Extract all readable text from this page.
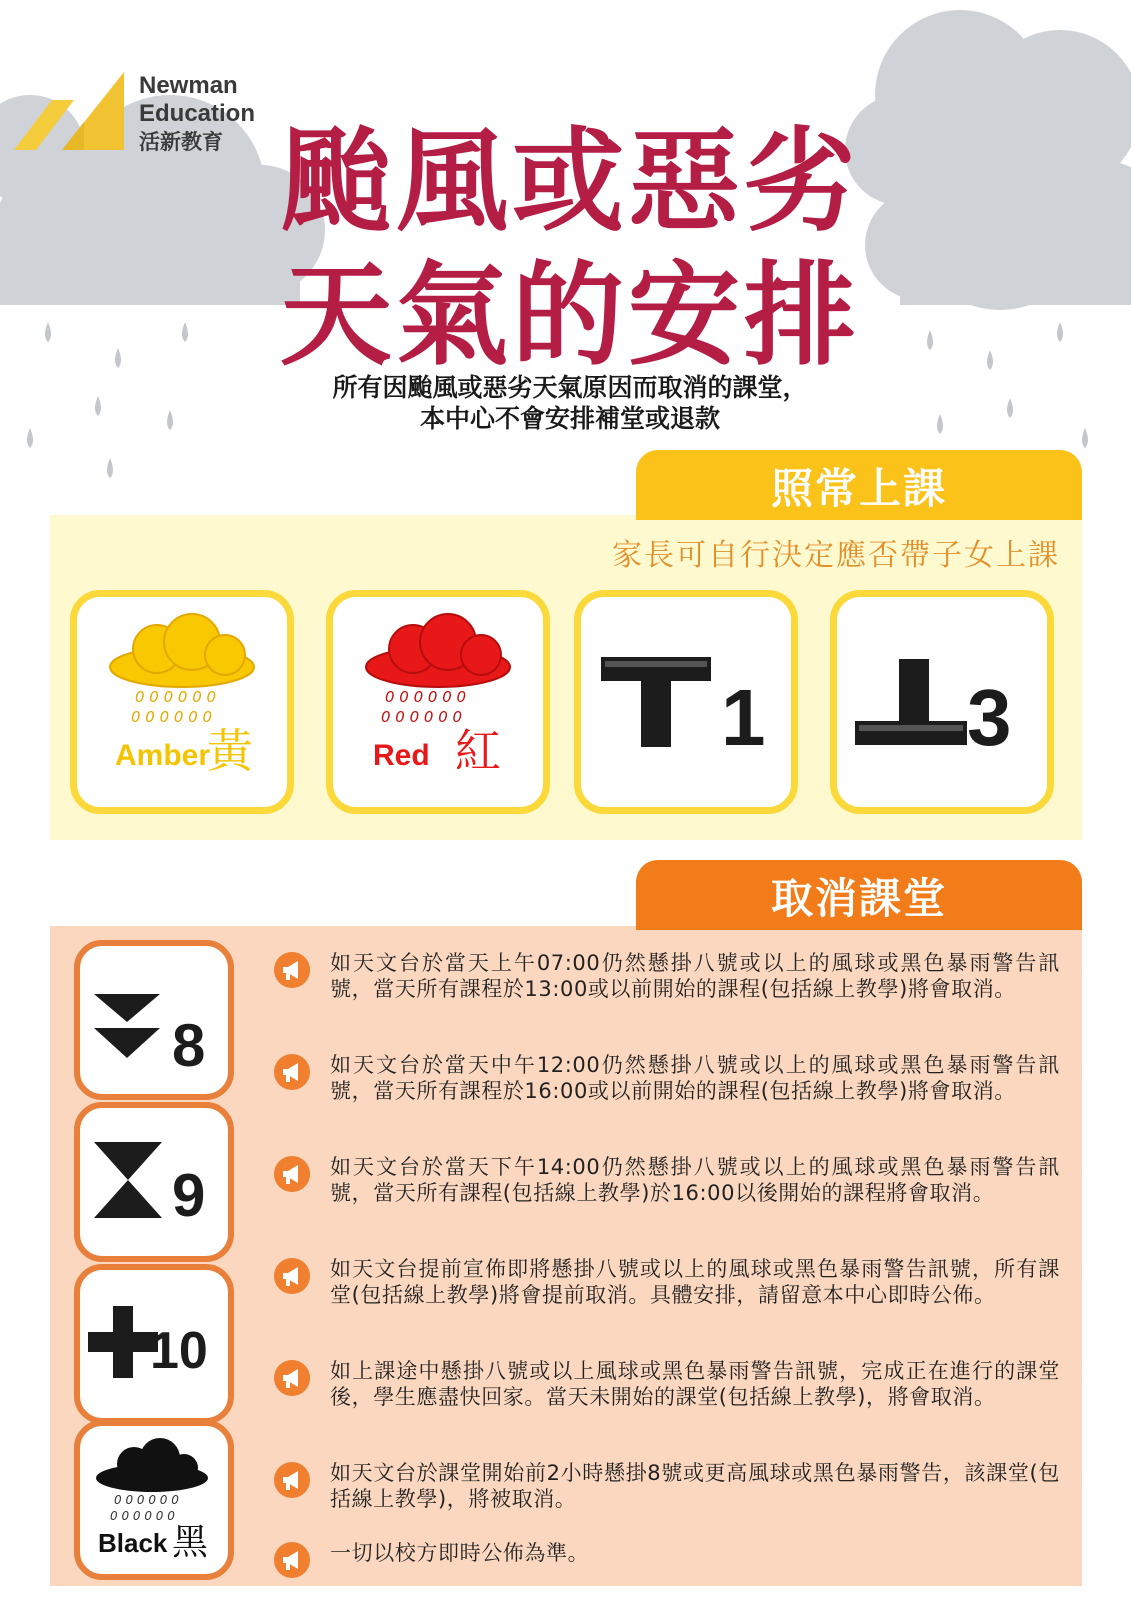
Newman
Education
活新教育 颱風或惡劣
天氣的安排
所有因颱風或惡劣天氣原因而取消的課堂，
本中心不會安排補堂或退款
照常上課
家長可自行決定應否帶子女上課
0 0 0 0 0 0
0 0 0 0 0 0
Amber
黃
0 0 0 0 0 0
0 0 0 0 0 0
Red 紅	1	3
取消課堂
8
9
10
0 0 0 0 0 0
0 0 0 0 0 0
Black 黑
如天文台於當天上午07:00仍然懸掛八號或以上的風球或黑色暴雨警告訊號，當天所有課程於13:00或以前開始的課程(包括線上教學)將會取消。
如天文台於當天中午12:00仍然懸掛八號或以上的風球或黑色暴雨警告訊號，當天所有課程於16:00或以前開始的課程(包括線上教學)將會取消。
如天文台於當天下午14:00仍然懸掛八號或以上的風球或黑色暴雨警告訊號，當天所有課程(包括線上教學)於16:00以後開始的課程將會取消。
如天文台提前宣佈即將懸掛八號或以上的風球或黑色暴雨警告訊號，所有課堂(包括線上教學)將會提前取消。具體安排，請留意本中心即時公佈。
如上課途中懸掛八號或以上風球或黑色暴雨警告訊號，完成正在進行的課堂後，學生應盡快回家。當天未開始的課堂(包括線上教學)，將會取消。
如天文台於課堂開始前2小時懸掛8號或更高風球或黑色暴雨警告，該課堂(包括線上教學)，將被取消。
一切以校方即時公佈為準。
